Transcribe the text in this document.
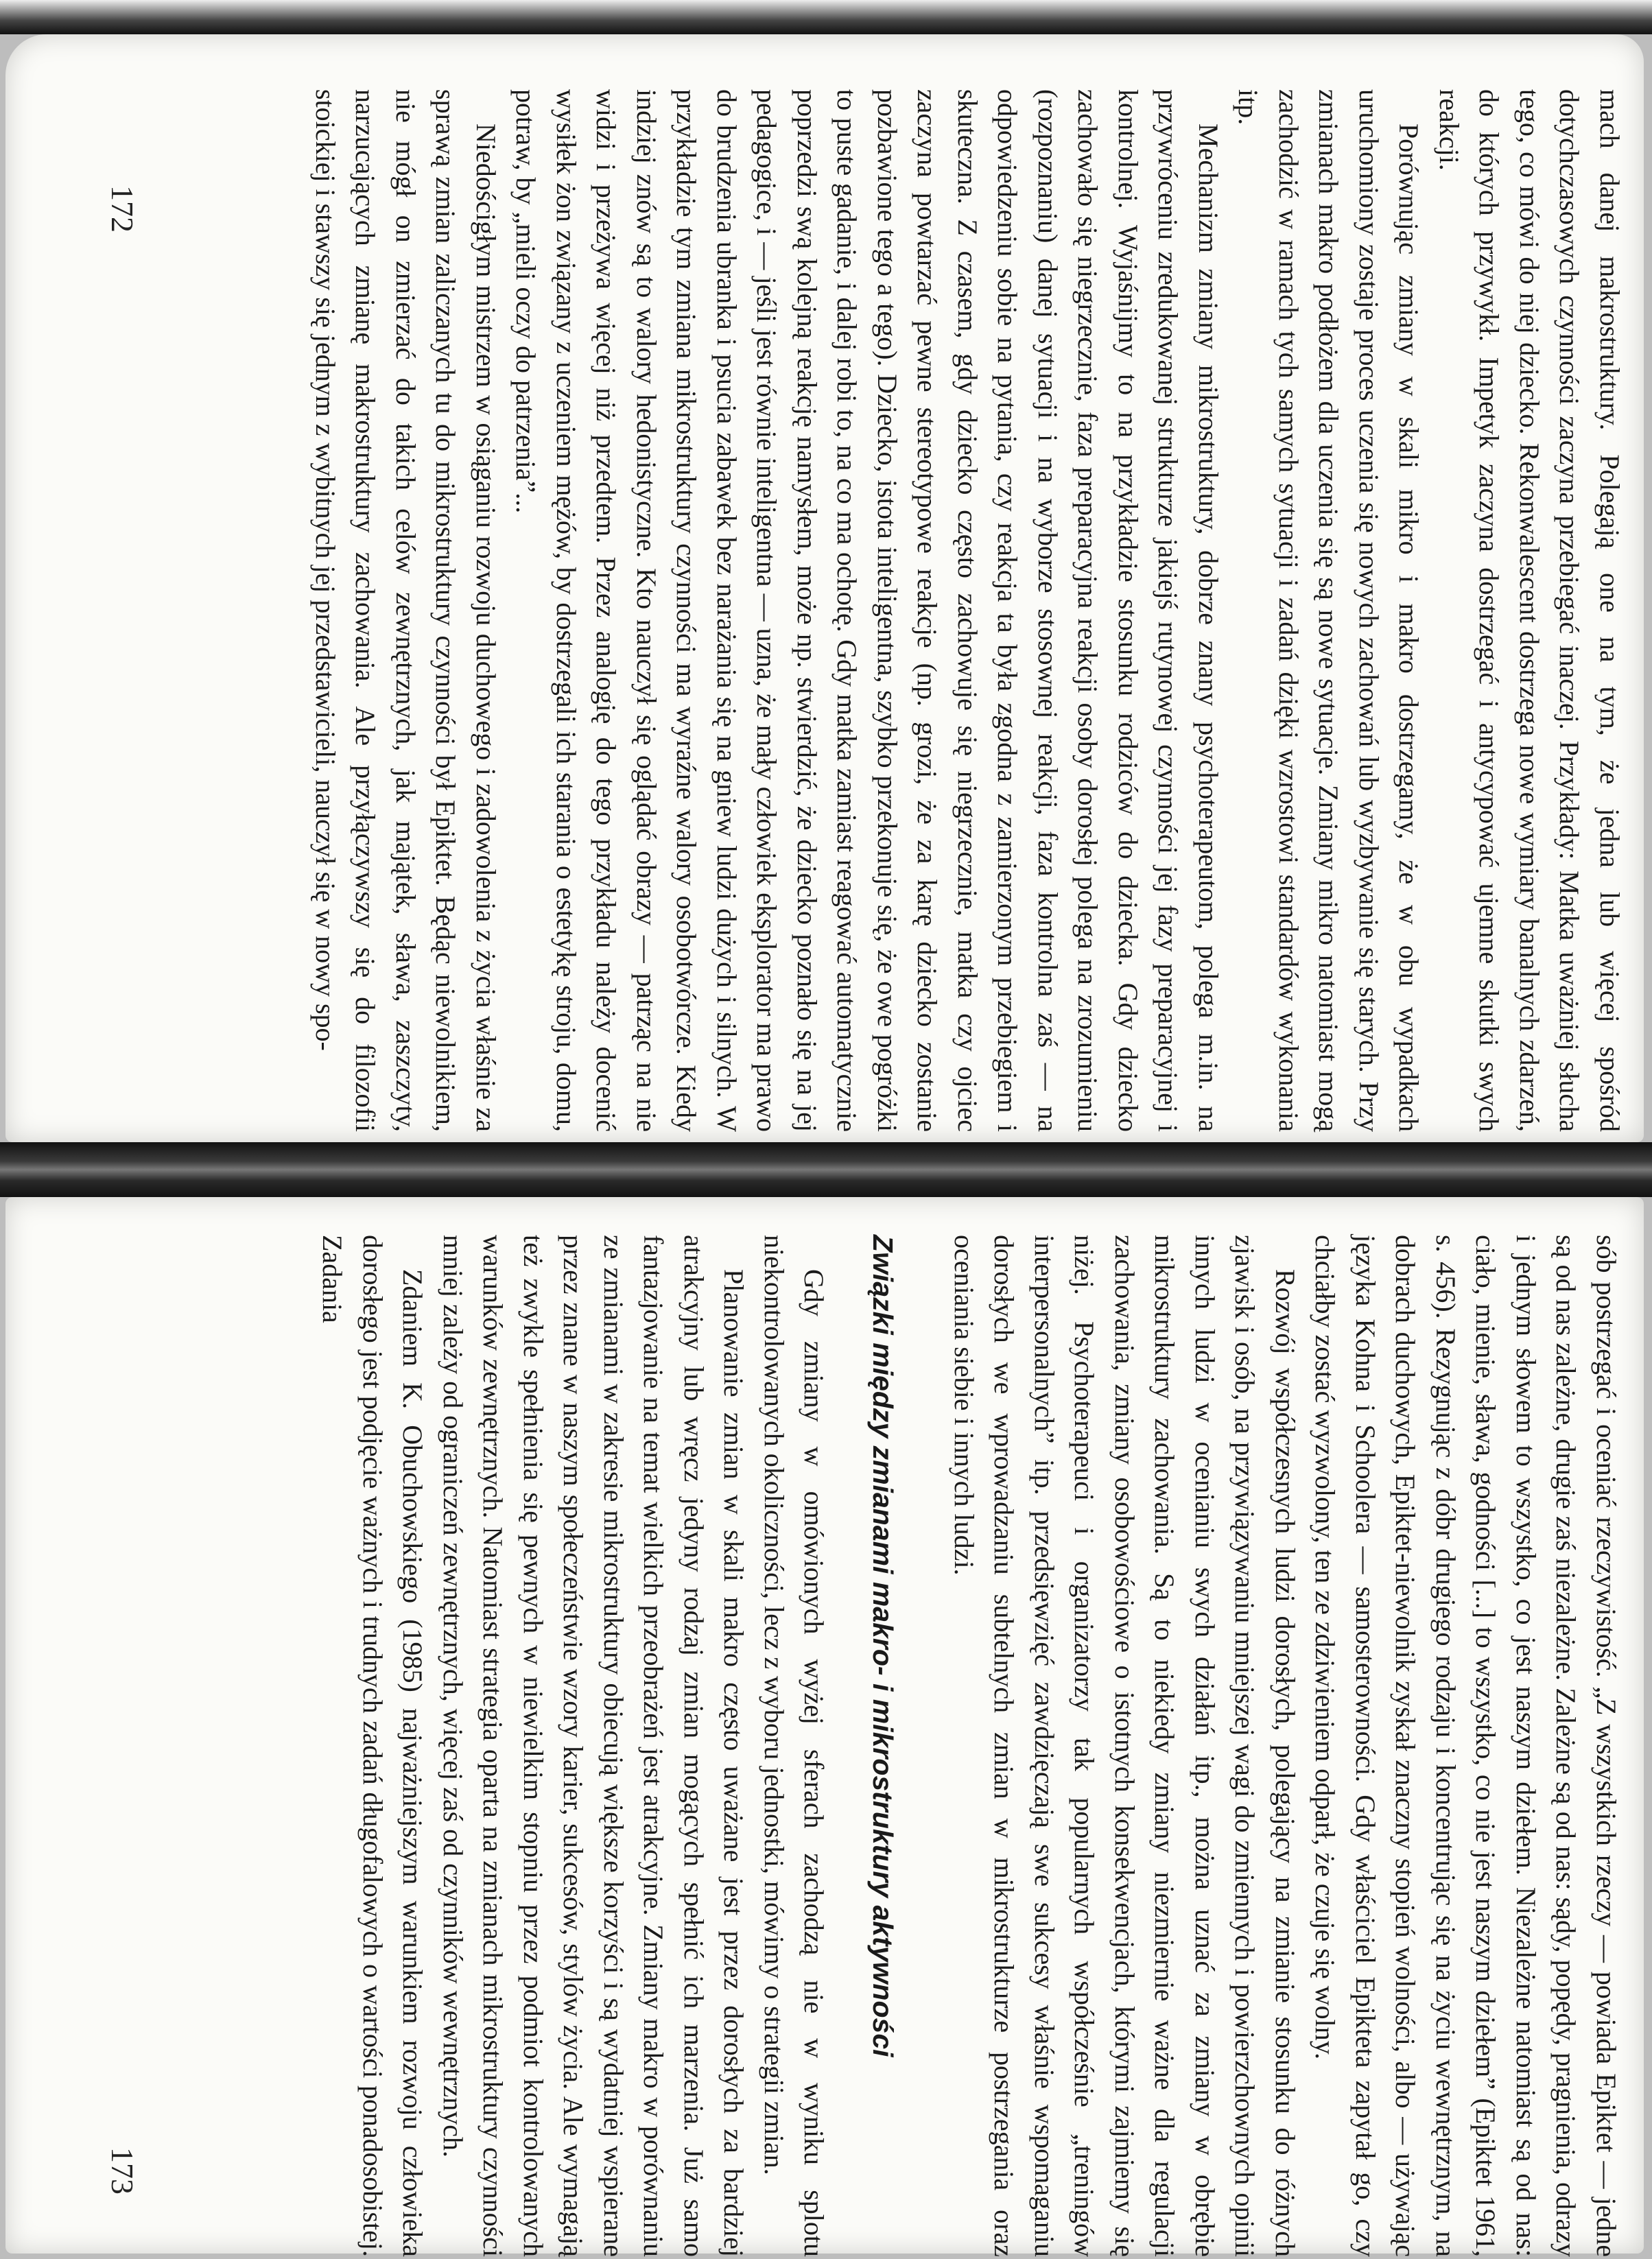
mach danej makrostruktury. Polegają one na tym, że jedna lub więcej spośród dotychczasowych czynności zaczyna przebiegać inaczej. Przykłady: Matka uważniej słucha tego, co mówi do niej dziecko. Rekonwalescent dostrzega nowe wymiary banalnych zdarzeń, do których przywykł. Impetyk zaczyna dostrzegać i antycypować ujemne skutki swych reakcji.

Porównując zmiany w skali mikro i makro dostrzegamy, że w obu wypadkach uruchomiony zostaje proces uczenia się nowych zachowań lub wyzbywanie się starych. Przy zmianach makro podłożem dla uczenia się są nowe sytuacje. Zmiany mikro natomiast mogą zachodzić w ramach tych samych sytuacji i zadań dzięki wzrostowi standardów wykonania itp.

Mechanizm zmiany mikrostruktury, dobrze znany psychoterapeutom, polega m.in. na przywróceniu zredukowanej strukturze jakiejś rutynowej czynności jej fazy preparacyjnej i kontrolnej. Wyjaśnijmy to na przykładzie stosunku rodziców do dziecka. Gdy dziecko zachowało się niegrzecznie, faza preparacyjna reakcji osoby dorosłej polega na zrozumieniu (rozpoznaniu) danej sytuacji i na wyborze stosownej reakcji, faza kontrolna zaś — na odpowiedzeniu sobie na pytania, czy reakcja ta była zgodna z zamierzonym przebiegiem i skuteczna. Z czasem, gdy dziecko często zachowuje się niegrzecznie, matka czy ojciec zaczyna powtarzać pewne stereotypowe reakcje (np. grozi, że za karę dziecko zostanie pozbawione tego a tego). Dziecko, istota inteligentna, szybko przekonuje się, że owe pogróżki to puste gadanie, i dalej robi to, na co ma ochotę. Gdy matka zamiast reagować automatycznie poprzedzi swą kolejną reakcję namysłem, może np. stwierdzić, że dziecko poznało się na jej pedagogice, i — jeśli jest równie inteligentna — uzna, że mały człowiek eksplorator ma prawo do brudzenia ubranka i psucia zabawek bez narażania się na gniew ludzi dużych i silnych. W przykładzie tym zmiana mikrostruktury czynności ma wyraźne walory osobotwórcze. Kiedy indziej znów są to walory hedonistyczne. Kto nauczył się oglądać obrazy — patrząc na nie widzi i przeżywa więcej niż przedtem. Przez analogię do tego przykładu należy docenić wysiłek żon związany z uczeniem mężów, by dostrzegali ich starania o estetykę stroju, domu, potraw, by „mieli oczy do patrzenia”...

Niedościgłym mistrzem w osiąganiu rozwoju duchowego i zadowolenia z życia właśnie za sprawą zmian zaliczanych tu do mikrostruktury czynności był Epiktet. Będąc niewolnikiem, nie mógł on zmierzać do takich celów zewnętrznych, jak majątek, sława, zaszczyty, narzucających zmianę makrostruktury zachowania. Ale przyłączywszy się do filozofii stoickiej i stawszy się jednym z wybitnych jej przedstawicieli, nauczył się w nowy spo-

sób postrzegać i oceniać rzeczywistość. „Z wszystkich rzeczy — powiada Epiktet — jedne są od nas zależne, drugie zaś niezależne. Zależne są od nas: sądy, popędy, pragnienia, odrazy i jednym słowem to wszystko, co jest naszym dziełem. Niezależne natomiast są od nas: ciało, mienie, sława, godności [...] to wszystko, co nie jest naszym dziełem” (Epiktet 1961, s. 456). Rezygnując z dóbr drugiego rodzaju i koncentrując się na życiu wewnętrznym, na dobrach duchowych, Epiktet-niewolnik zyskał znaczny stopień wolności, albo — używając języka Kohna i Schoolera — samosterowności. Gdy właściciel Epikteta zapytał go, czy chciałby zostać wyzwolony, ten ze zdziwieniem odparł, że czuje się wolny.

Rozwój współczesnych ludzi dorosłych, polegający na zmianie stosunku do różnych zjawisk i osób, na przywiązywaniu mniejszej wagi do zmiennych i powierzchownych opinii innych ludzi w ocenianiu swych działań itp., można uznać za zmiany w obrębie mikrostruktury zachowania. Są to niekiedy zmiany niezmiernie ważne dla regulacji zachowania, zmiany osobowościowe o istotnych konsekwencjach, którymi zajmiemy się niżej. Psychoterapeuci i organizatorzy tak popularnych współcześnie „treningów interpersonalnych” itp. przedsięwzięć zawdzięczają swe sukcesy właśnie wspomaganiu dorosłych we wprowadzaniu subtelnych zmian w mikrostrukturze postrzegania oraz oceniania siebie i innych ludzi.

Związki między zmianami makro- i mikrostruktury aktywności

Gdy zmiany w omówionych wyżej sferach zachodzą nie w wyniku splotu niekontrolowanych okoliczności, lecz z wyboru jednostki, mówimy o strategii zmian.

Planowanie zmian w skali makro często uważane jest przez dorosłych za bardziej atrakcyjny lub wręcz jedyny rodzaj zmian mogących spełnić ich marzenia. Już samo fantazjowanie na temat wielkich przeobrażeń jest atrakcyjne. Zmiany makro w porównaniu ze zmianami w zakresie mikrostruktury obiecują większe korzyści i są wydatniej wspierane przez znane w naszym społeczeństwie wzory karier, sukcesów, stylów życia. Ale wymagają też zwykle spełnienia się pewnych w niewielkim stopniu przez podmiot kontrolowanych warunków zewnętrznych. Natomiast strategia oparta na zmianach mikrostruktury czynności mniej zależy od ograniczeń zewnętrznych, więcej zaś od czynników wewnętrznych.

Zdaniem K. Obuchowskiego (1985) najważniejszym warunkiem rozwoju człowieka dorosłego jest podjęcie ważnych i trudnych zadań długofalowych o wartości ponadosobistej. Zadania

172
173
